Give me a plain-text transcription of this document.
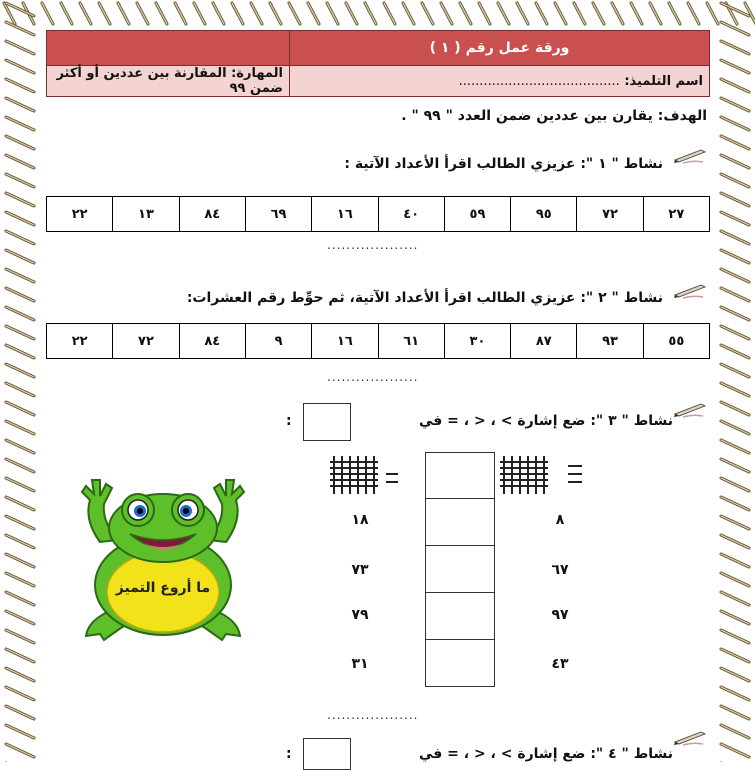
	ورقة عمل رقم ( ١ )
المهارة: المقارنة بين عددين أو أكثر ضمن ٩٩	اسم التلميذ: .......................................
الهدف: يقارن بين عددين ضمن العدد " ٩٩ " .
نشاط " ١ ": عزيزي الطالب اقرأ الأعداد الآتية :
٢٧	٧٢	٩٥	٥٩	٤٠	١٦	٦٩	٨٤	١٣	٢٢
...................
نشاط " ٢ ": عزيزي الطالب اقرأ الأعداد الآتية، ثم حوِّط رقم العشرات:
٥٥	٩٣	٨٧	٣٠	٦١	١٦	٩	٨٤	٧٢	٢٢
...................
نشاط " ٣ ": ضع إشارة > ، < ، = في
:
١٨	٨
٧٣	٦٧
٧٩	٩٧
٣١	٤٣
ما أروع التميز
...................
نشاط " ٤ ": ضع إشارة > ، < ، = في
:
